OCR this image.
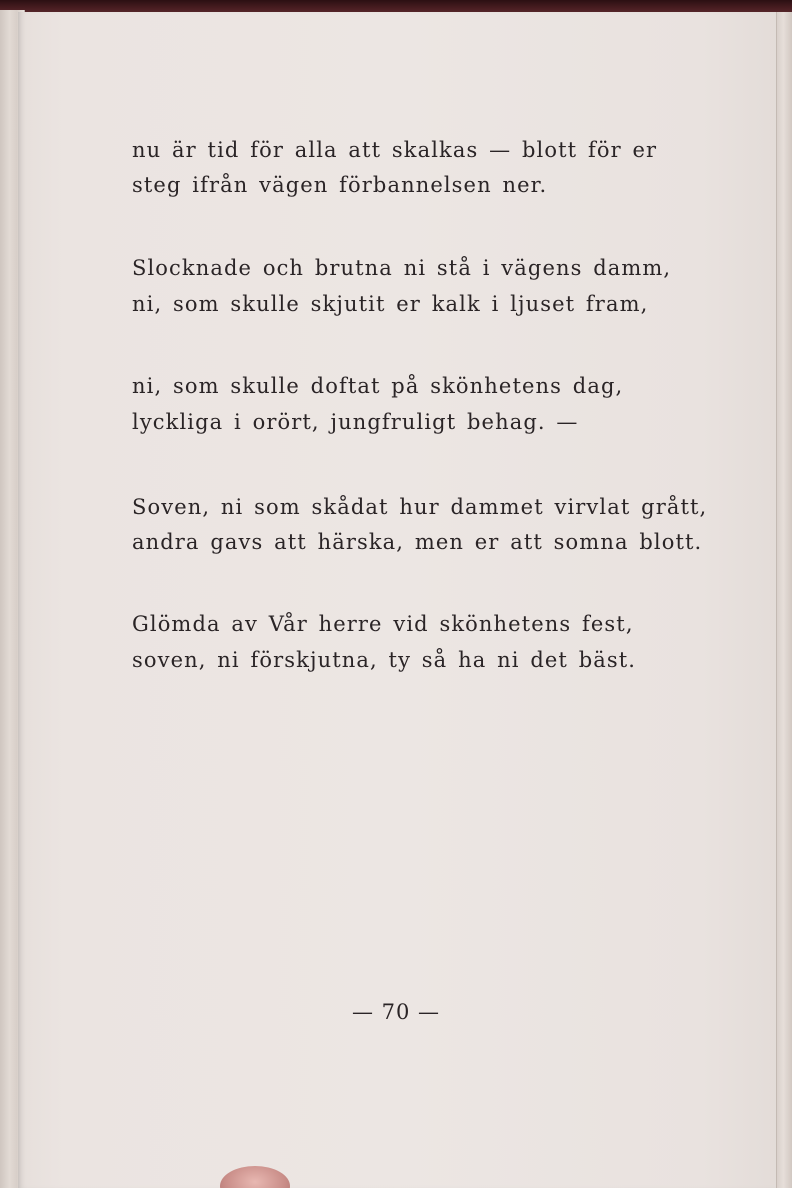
nu är tid för alla att skalkas — blott för er
steg ifrån vägen förbannelsen ner.
Slocknade och brutna ni stå i vägens damm,
ni, som skulle skjutit er kalk i ljuset fram,
ni, som skulle doftat på skönhetens dag,
lyckliga i orört, jungfruligt behag. —
Soven, ni som skådat hur dammet virvlat grått,
andra gavs att härska, men er att somna blott.
Glömda av Vår herre vid skönhetens fest,
soven, ni förskjutna, ty så ha ni det bäst.
— 70 —
